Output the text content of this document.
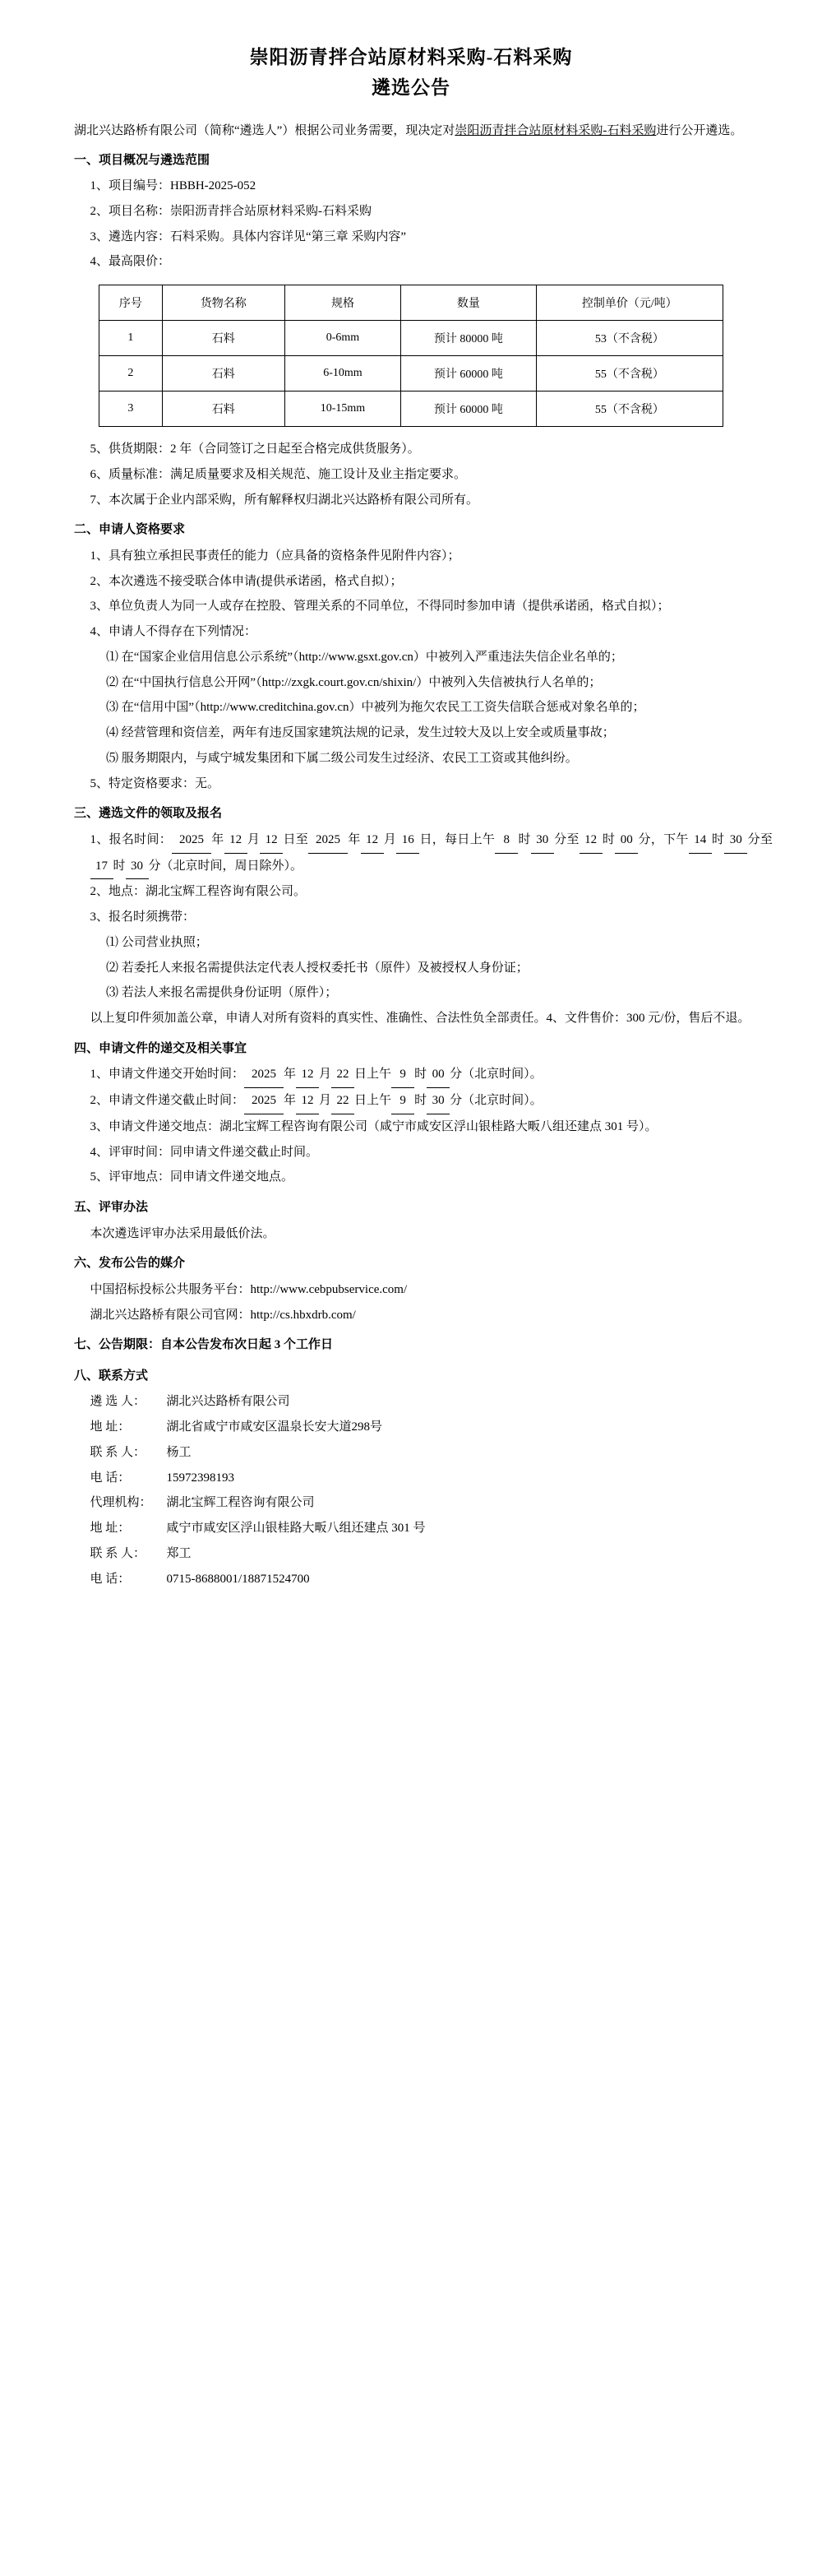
崇阳沥青拌合站原材料采购-石料采购
遴选公告

湖北兴达路桥有限公司（简称“遴选人”）根据公司业务需要，现决定对崇阳沥青拌合站原材料采购-石料采购进行公开遴选。

一、项目概况与遴选范围
1、项目编号：HBBH-2025-052
2、项目名称：崇阳沥青拌合站原材料采购-石料采购
3、遴选内容：石料采购。具体内容详见“第三章 采购内容”
4、最高限价：
序号	货物名称	规格	数量	控制单价（元/吨）
1	石料	0-6mm	预计 80000 吨	53（不含税）
2	石料	6-10mm	预计 60000 吨	55（不含税）
3	石料	10-15mm	预计 60000 吨	55（不含税）
5、供货期限：2 年（合同签订之日起至合格完成供货服务）。
6、质量标准：满足质量要求及相关规范、施工设计及业主指定要求。
7、本次属于企业内部采购，所有解释权归湖北兴达路桥有限公司所有。
二、申请人资格要求
1、具有独立承担民事责任的能力（应具备的资格条件见附件内容）；
2、本次遴选不接受联合体申请(提供承诺函，格式自拟）；
3、单位负责人为同一人或存在控股、管理关系的不同单位，不得同时参加申请（提供承诺函，格式自拟）；
4、申请人不得存在下列情况：
⑴ 在“国家企业信用信息公示系统”（http://www.gsxt.gov.cn）中被列入严重违法失信企业名单的；
⑵ 在“中国执行信息公开网”（http://zxgk.court.gov.cn/shixin/）中被列入失信被执行人名单的；
⑶ 在“信用中国”（http://www.creditchina.gov.cn）中被列为拖欠农民工工资失信联合惩戒对象名单的；
⑷ 经营管理和资信差，两年有违反国家建筑法规的记录，发生过较大及以上安全或质量事故；
⑸ 服务期限内，与咸宁城发集团和下属二级公司发生过经济、农民工工资或其他纠纷。
5、特定资格要求：无。
三、遴选文件的领取及报名
1、报名时间： 2025 年 12 月 12 日至 2025 年 12 月 16 日，每日上午 8 时 30 分至 12 时 00 分，下午 14 时 30 分至17 时 30 分（北京时间，周日除外）。
2、地点：湖北宝辉工程咨询有限公司。
3、报名时须携带：
⑴ 公司营业执照；
⑵ 若委托人来报名需提供法定代表人授权委托书（原件）及被授权人身份证；
⑶ 若法人来报名需提供身份证明（原件）；
以上复印件须加盖公章，申请人对所有资料的真实性、准确性、合法性负全部责任。4、文件售价：300 元/份，售后不退。
四、申请文件的递交及相关事宜
1、申请文件递交开始时间： 2025 年 12 月 22 日上午 9 时 00 分（北京时间）。
2、申请文件递交截止时间： 2025 年 12 月 22 日上午 9 时 30 分（北京时间）。
3、申请文件递交地点：湖北宝辉工程咨询有限公司（咸宁市咸安区浮山银桂路大畈八组还建点 301 号）。
4、评审时间：同申请文件递交截止时间。
5、评审地点：同申请文件递交地点。
五、评审办法
本次遴选评审办法采用最低价法。
六、发布公告的媒介
中国招标投标公共服务平台：http://www.cebpubservice.com/
湖北兴达路桥有限公司官网：http://cs.hbxdrb.com/
七、公告期限：自本公告发布次日起 3 个工作日
八、联系方式
遴 选 人： 湖北兴达路桥有限公司
地 址：	湖北省咸宁市咸安区温泉长安大道298号
联 系 人： 杨工
电 话：	15972398193
代理机构： 湖北宝辉工程咨询有限公司
地 址：	咸宁市咸安区浮山银桂路大畈八组还建点 301 号
联 系 人： 郑工
电 话：	0715-8688001/18871524700
